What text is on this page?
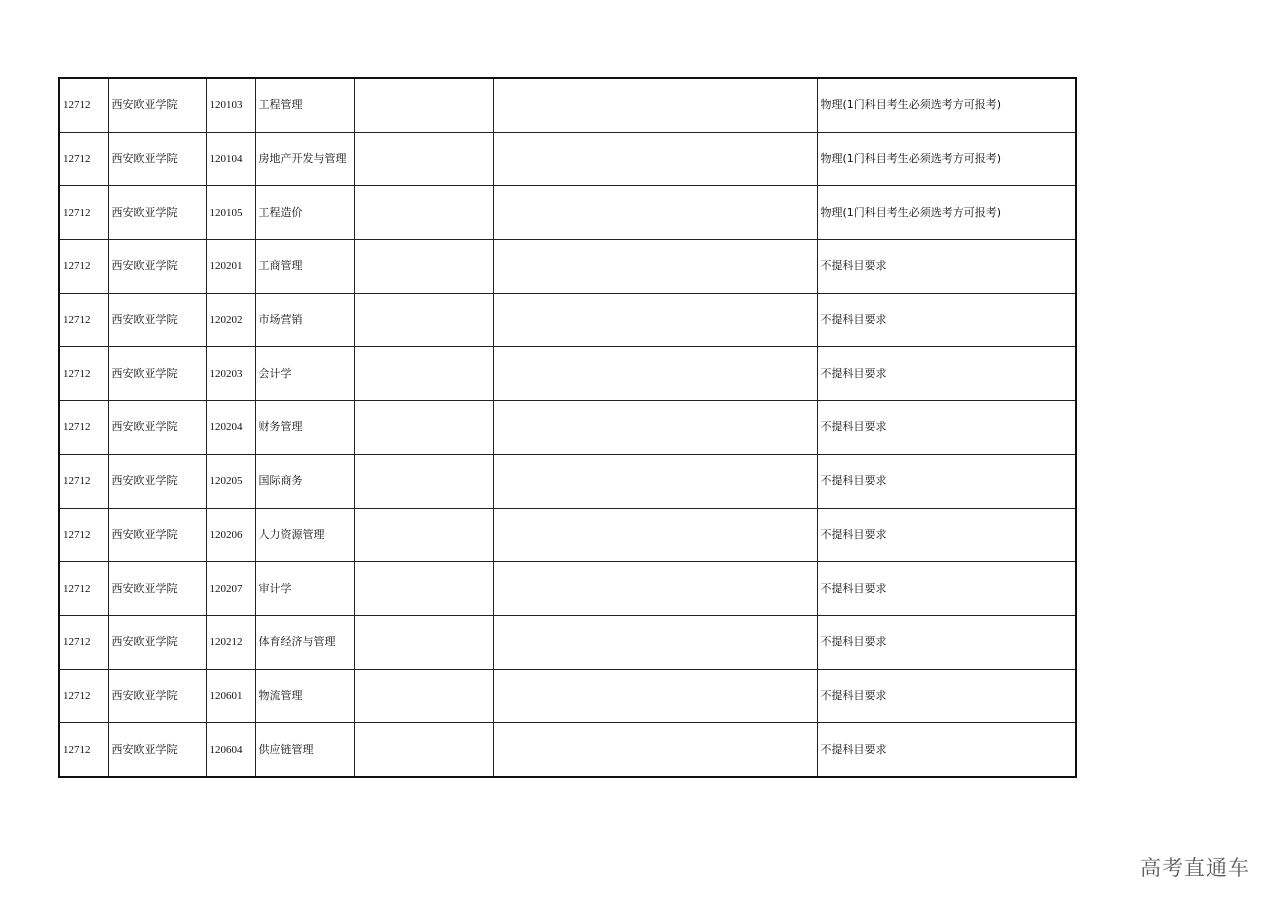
12712	西安欧亚学院	120103	工程管理			物理(1门科目考生必须选考方可报考)
12712	西安欧亚学院	120104	房地产开发与管理			物理(1门科目考生必须选考方可报考)
12712	西安欧亚学院	120105	工程造价			物理(1门科目考生必须选考方可报考)
12712	西安欧亚学院	120201	工商管理			不提科目要求
12712	西安欧亚学院	120202	市场营销			不提科目要求
12712	西安欧亚学院	120203	会计学			不提科目要求
12712	西安欧亚学院	120204	财务管理			不提科目要求
12712	西安欧亚学院	120205	国际商务			不提科目要求
12712	西安欧亚学院	120206	人力资源管理			不提科目要求
12712	西安欧亚学院	120207	审计学			不提科目要求
12712	西安欧亚学院	120212	体育经济与管理			不提科目要求
12712	西安欧亚学院	120601	物流管理			不提科目要求
12712	西安欧亚学院	120604	供应链管理			不提科目要求
高考直通车
